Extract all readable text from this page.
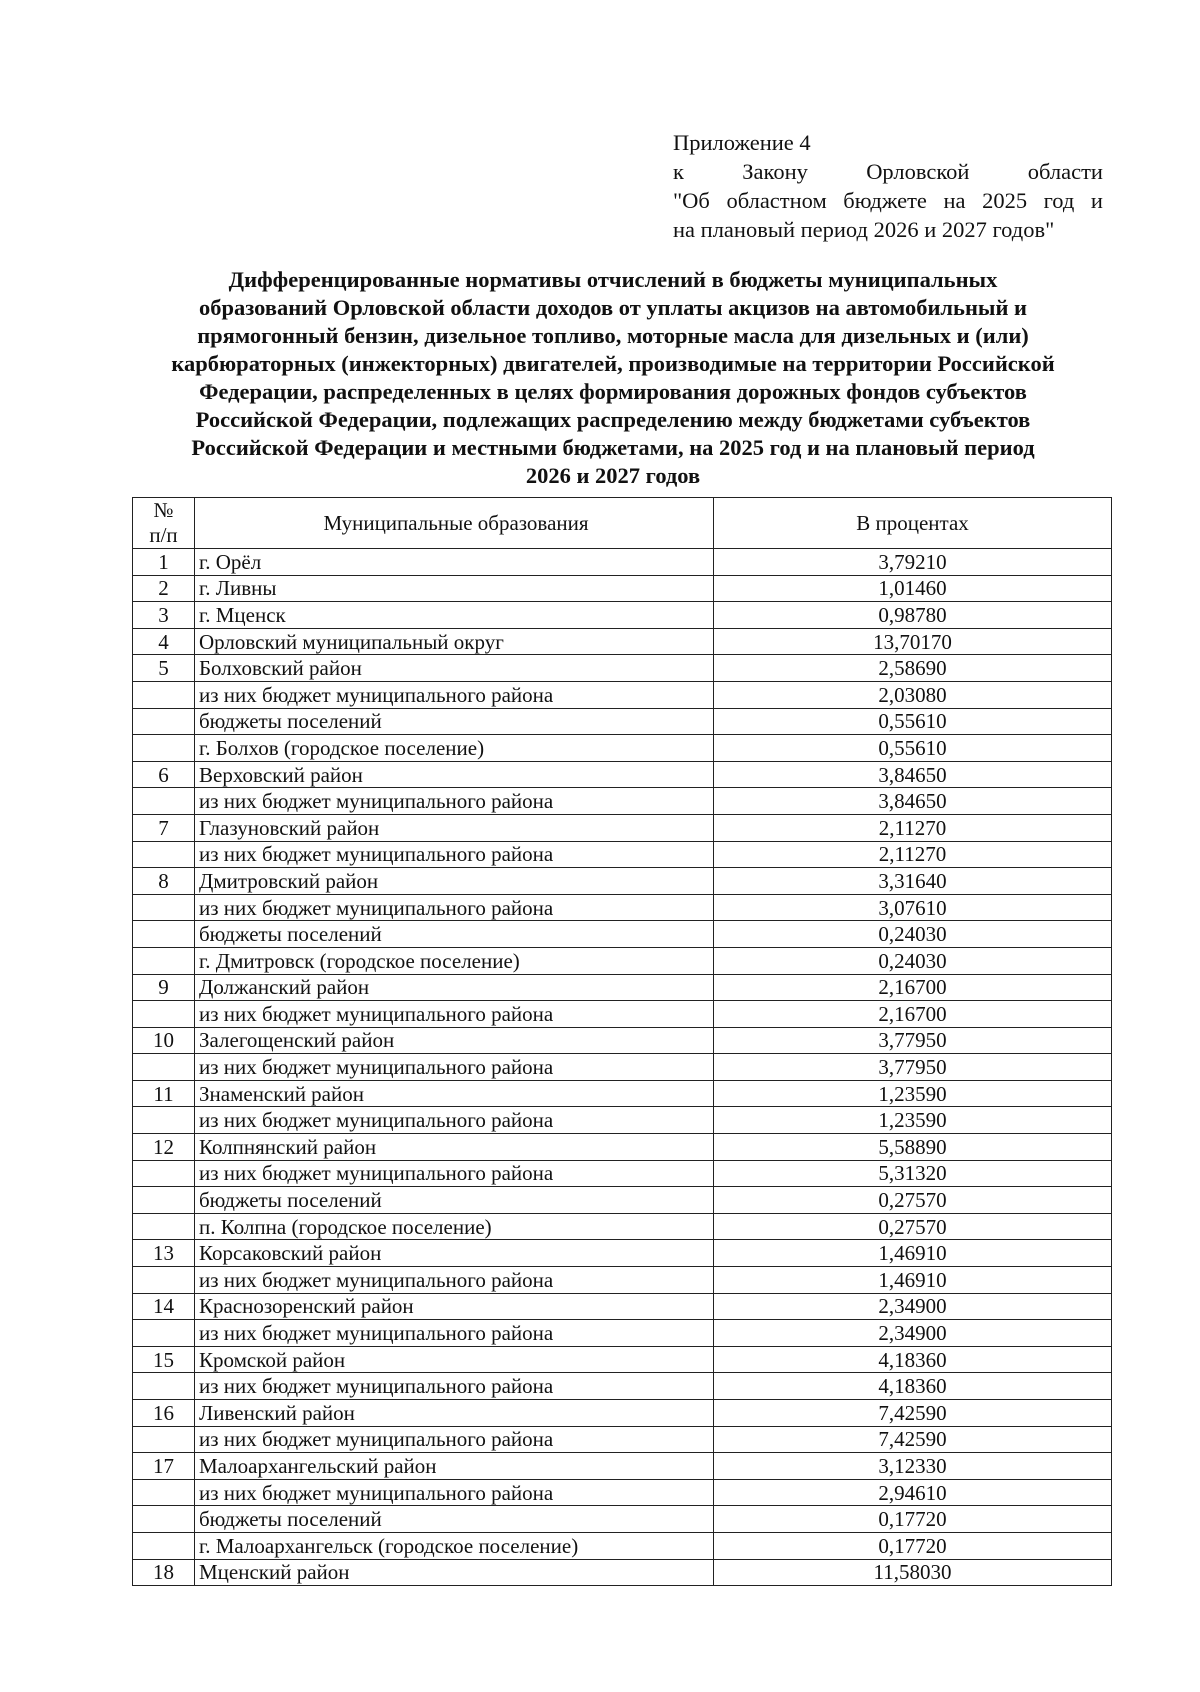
Приложение 4
к	Закону	Орловской	области
"Об областном бюджете на 2025 год и
на плановый период 2026 и 2027 годов"
Дифференцированные нормативы отчислений в бюджеты муниципальных
образований Орловской области доходов от уплаты акцизов на автомобильный и
прямогонный бензин, дизельное топливо, моторные масла для дизельных и (или)
карбюраторных (инжекторных) двигателей, производимые на территории Российской
Федерации, распределенных в целях формирования дорожных фондов субъектов
Российской Федерации, подлежащих распределению между бюджетами субъектов
Российской Федерации и местными бюджетами, на 2025 год и на плановый период
2026 и 2027 годов
№
п/п	Муниципальные образования	В процентах
1	г. Орёл	3,79210
2	г. Ливны	1,01460
3	г. Мценск	0,98780
4	Орловский муниципальный округ	13,70170
5	Болховский район	2,58690
	из них бюджет муниципального района	2,03080
	бюджеты поселений	0,55610
	г. Болхов (городское поселение)	0,55610
6	Верховский район	3,84650
	из них бюджет муниципального района	3,84650
7	Глазуновский район	2,11270
	из них бюджет муниципального района	2,11270
8	Дмитровский район	3,31640
	из них бюджет муниципального района	3,07610
	бюджеты поселений	0,24030
	г. Дмитровск (городское поселение)	0,24030
9	Должанский район	2,16700
	из них бюджет муниципального района	2,16700
10	Залегощенский район	3,77950
	из них бюджет муниципального района	3,77950
11	Знаменский район	1,23590
	из них бюджет муниципального района	1,23590
12	Колпнянский район	5,58890
	из них бюджет муниципального района	5,31320
	бюджеты поселений	0,27570
	п. Колпна (городское поселение)	0,27570
13	Корсаковский район	1,46910
	из них бюджет муниципального района	1,46910
14	Краснозоренский район	2,34900
	из них бюджет муниципального района	2,34900
15	Кромской район	4,18360
	из них бюджет муниципального района	4,18360
16	Ливенский район	7,42590
	из них бюджет муниципального района	7,42590
17	Малоархангельский район	3,12330
	из них бюджет муниципального района	2,94610
	бюджеты поселений	0,17720
	г. Малоархангельск (городское поселение)	0,17720
18	Мценский район	11,58030
